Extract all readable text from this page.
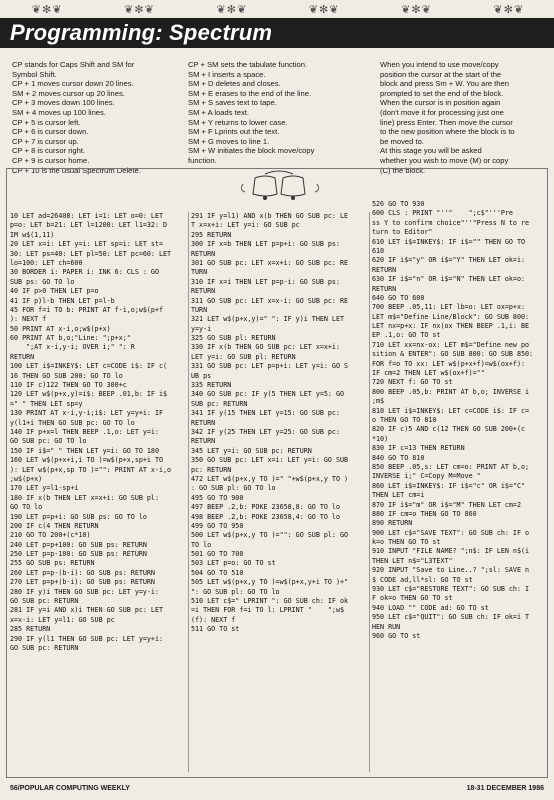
❦ ✻ ❦	❦ ✻ ❦	❦ ✻ ❦	❦ ✻ ❦	❦ ✻ ❦	❦ ✻ ❦
Programming: Spectrum
CP stands for Caps Shift and SM for
Symbol Shift.
CP + 1 moves cursor down 20 lines.
SM + 2 moves cursor up 20 lines.
CP + 3 moves down 100 lines.
SM + 4 moves up 100 lines.
CP + 5 is cursor left.
CP + 6 is cursor down.
CP + 7 is cursor up.
CP + 8 is cursor right.
CP + 9 is cursor home.
CP + 10 is the usual Spectrum Delete.
CP + SM sets the tabulate function.
SM + I inserts a space.
SM + D deletes and closes.
SM + E erases to the end of the line.
SM + S saves text to tape.
SM + A loads text.
SM + Y returns to lower case.
SM + F Lprints out the text.
SM + G moves to line 1.
SM + W initiates the block move/copy
function.
When you intend to use move/copy
position the cursor at the start of the
block and press Sm + W. You are then
prompted to set the end of the block.
When the cursor is in position again
(don't move it for processing just one
line) press Enter. Then move the cursor
to the new position where the block is to
be moved to.
At this stage you will be asked
whether you wish to move (M) or copy
(C) the block.
10 LET ad=26408: LET i=1: LET o=0: LET
p=o: LET b=21: LET l=1200: LET l1=32: D
IM w$(1,11)
20 LET x=i: LET y=i: LET sp=i: LET st=
30: LET ps=40: LET pl=50: LET pc=60: LET
lo=100: LET ch=600
30 BORDER i: PAPER i: INK 6: CLS : GO
SUB ps: GO TO lo
40 IF p>0 THEN LET p=o
41 IF p)l-b THEN LET p=l-b
45 FOR f=i TO b: PRINT AT f-i,o;w$(p+f
): NEXT f
50 PRINT AT x-i,o;w$(p+x)
60 PRINT AT b,o;"Line: ";p+x;"
";AT x-i,y-i; OVER i;" ": R
RETURN
100 LET i$=INKEY$: LET c=CODE i$: IF c(
16 THEN GO SUB 200: GO TO lo
110 IF c)122 THEN GO TO 300+c
120 LET w$(p+x,y)=i$: BEEP .01,b: IF i$
=" " THEN LET sp=y
130 PRINT AT x-i,y-i;i$: LET y=y+i: IF
y(l1+i THEN GO SUB pc: GO TO lo
140 IF p+x=l THEN BEEP .1,o: LET y=i:
GO SUB pc: GO TO lo
150 IF i$=" " THEN LET y=i: GO TO 180
160 LET w$(p+x+i,i TO )=w$(p+x,sp+i TO
): LET w$(p+x,sp TO )="": PRINT AT x-i,o
;w$(p+x)
170 LET y=l1-sp+i
180 IF x(b THEN LET x=x+i: GO SUB pl:
GO TO lo
190 LET p=p+i: GO SUB ps: GO TO lo
200 IF c(4 THEN RETURN
210 GO TO 200+(c*10)
240 LET p=p+100: GO SUB ps: RETURN
250 LET p=p-100: GO SUB ps: RETURN
255 GO SUB ps: RETURN
260 LET p=p-(b-i): GO SUB ps: RETURN
270 LET p=p+(b-i): GO SUB ps: RETURN
280 IF y)i THEN GO SUB pc: LET y=y-i:
GO SUB pc: RETURN
281 IF y=i AND x)i THEN GO SUB pc: LET
x=x-i: LET y=l1: GO SUB pc
285 RETURN
290 IF y(l1 THEN GO SUB pc: LET y=y+i:
GO SUB pc: RETURN
291 IF y=l1) AND x(b THEN GO SUB pc: LE
T x=x+i: LET y=i: GO SUB pc
295 RETURN
300 IF x=b THEN LET p=p+i: GO SUB ps:
RETURN
301 GO SUB pc: LET x=x+i: GO SUB pc: RE
TURN
310 IF x=i THEN LET p=p-i: GO SUB ps:
RETURN
311 GO SUB pc: LET x=x-i: GO SUB pc: RE
TURN
321 LET w$(p+x,y)=" ": IF y)i THEN LET
y=y-i
325 GO SUB pl: RETURN
330 IF x(b THEN GO SUB pc: LET x=x+i:
LET y=i: GO SUB pl: RETURN
331 GO SUB pc: LET p=p+i: LET y=i: GO S
UB ps
335 RETURN
340 GO SUB pc: IF y(5 THEN LET y=5: GO
SUB pc: RETURN
341 IF y(15 THEN LET y=15: GO SUB pc:
RETURN
342 IF y(25 THEN LET y=25: GO SUB pc:
RETURN
345 LET y=i: GO SUB pc: RETURN
350 GO SUB pc: LET x=i: LET y=i: GO SUB
pc: RETURN
472 LET w$(p+x,y TO )=" "+w$(p+x,y TO )
: GO SUB pl: GO TO lo
495 GO TO 900
497 BEEP .2,b: POKE 23658,8: GO TO lo
498 BEEP .2,b: POKE 23658,4: GO TO lo
499 GO TO 950
500 LET w$(p+x,y TO )="": GO SUB pl: GO
TO lo
501 GO TO 700
503 LET p=o: GO TO st
504 GO TO 510
505 LET w$(p+x,y TO )=w$(p+x,y+i TO )+"
": GO SUB pl: GO TO lo
510 LET c$=" LPRINT ": GO SUB ch: IF ok
=i THEN FOR f=i TO l: LPRINT "    ";w$
(f): NEXT f
511 GO TO st
526 GO TO 930
600 CLS : PRINT "''"    ";c$"'''Pre
ss Y to confirm choice"''"Press N to re
turn to Editor"
610 LET i$=INKEY$: IF i$="" THEN GO TO
610
620 IF i$="y" OR i$="Y" THEN LET ok=i:
RETURN
630 IF i$="n" OR i$="N" THEN LET ok=o:
RETURN
640 GO TO 600
700 BEEP .05,11: LET lb=o: LET ox=p+x:
LET m$="Define Line/Block": GO SUB 800:
LET nx=p+x: IF nx(ox THEN BEEP .1,i: BE
EP .1,o: GO TO st
710 LET xx=nx-ox: LET m$="Define new po
sition & ENTER": GO SUB 800: GO SUB 850:
FOR f=o TO xx: LET w$(p+x+f)=w$(ox+f):
IF cm=2 THEN LET w$(ox+f)=""
720 NEXT f: GO TO st
800 BEEP .05,b: PRINT AT b,o; INVERSE i
;m$
810 LET i$=INKEY$: LET c=CODE i$: IF c=
o THEN GO TO 810
820 IF c)5 AND c(12 THEN GO SUB 200+(c
*10)
830 IF c=13 THEN RETURN
840 GO TO 810
850 BEEP .05,s: LET cm=o: PRINT AT b,o;
INVERSE i;" C=Copy M=Move "
860 LET i$=INKEY$: IF i$="c" OR i$="C"
THEN LET cm=i
870 IF i$="m" OR i$="M" THEN LET cm=2
880 IF cm=o THEN GO TO 860
890 RETURN
900 LET c$="SAVE TEXT": GO SUB ch: IF o
k=o THEN GO TO st
910 INPUT "FILE NAME? ";n$: IF LEN n$(i
THEN LET n$="L3TEXT"
920 INPUT "Save to Line..? ";sl: SAVE n
$ CODE ad,ll*sl: GO TO st
930 LET c$="RESTORE TEXT": GO SUB ch: I
F ok=o THEN GO TO st
940 LOAD "" CODE ad: GO TO st
950 LET c$="QUIT": GO SUB ch: IF ok=i T
HEN RUN
960 GO TO st
56/POPULAR COMPUTING WEEKLY	18-31 DECEMBER 1986
